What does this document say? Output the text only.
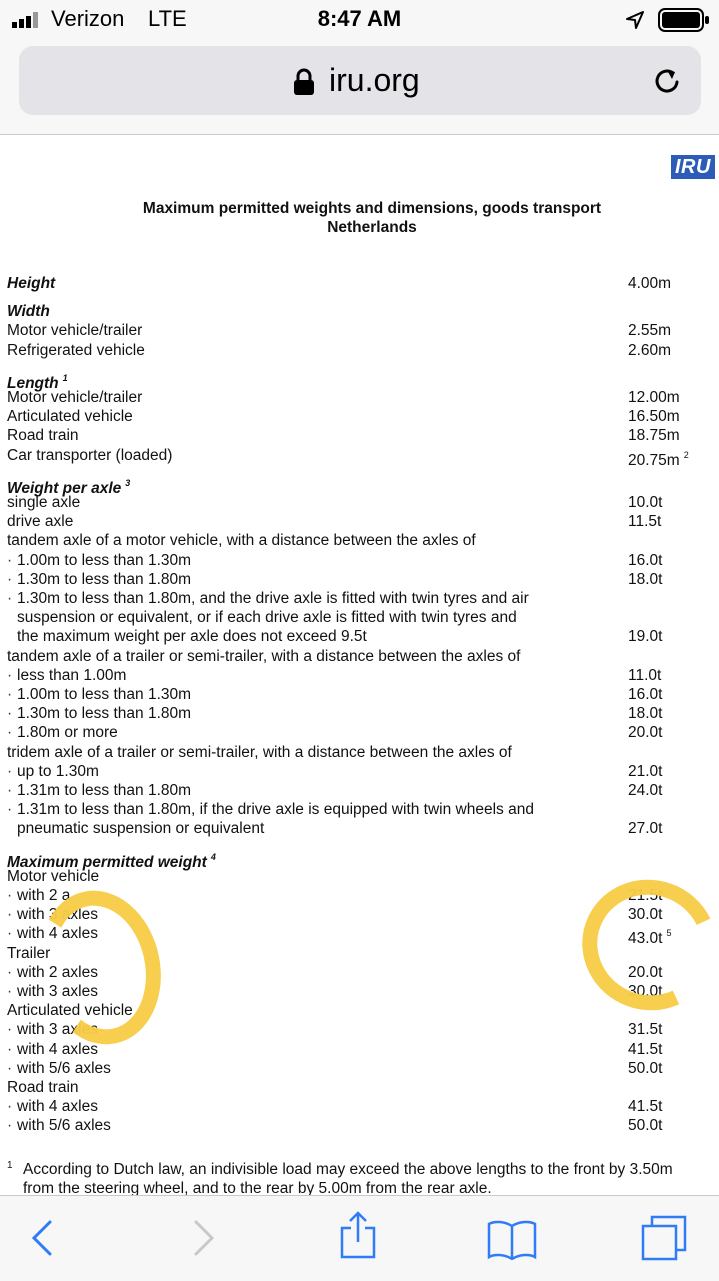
Verizon LTE	8:47 AM
iru.org
IRU
Maximum permitted weights and dimensions, goods transport
Netherlands
Height	4.00m
Width
Motor vehicle/trailer	2.55m
Refrigerated vehicle	2.60m
Length $^1$
Motor vehicle/trailer	12.00m
Articulated vehicle	16.50m
Road train	18.75m
Car transporter (loaded)	20.75m $^2$
Weight per axle $^3$
single axle	10.0t
drive axle	11.5t
tandem axle of a motor vehicle, with a distance between the axles of
· 1.00m to less than 1.30m	16.0t
· 1.30m to less than 1.80m	18.0t
· 1.30m to less than 1.80m, and the drive axle is fitted with twin tyres and air
suspension or equivalent, or if each drive axle is fitted with twin tyres and
the maximum weight per axle does not exceed 9.5t	19.0t
tandem axle of a trailer or semi-trailer, with a distance between the axles of
· less than 1.00m	11.0t
· 1.00m to less than 1.30m	16.0t
· 1.30m to less than 1.80m	18.0t
· 1.80m or more	20.0t
tridem axle of a trailer or semi-trailer, with a distance between the axles of
· up to 1.30m	21.0t
· 1.31m to less than 1.80m	24.0t
· 1.31m to less than 1.80m, if the drive axle is equipped with twin wheels and
pneumatic suspension or equivalent	27.0t
Maximum permitted weight $^4$
Motor vehicle
· with 2 a	21.5t
· with 3 axles	30.0t
· with 4 axles	43.0t $^5$
Trailer
· with 2 axles	20.0t
· with 3 axles	30.0t
Articulated vehicle
· with 3 axles	31.5t
· with 4 axles	41.5t
· with 5/6 axles	50.0t
Road train
· with 4 axles	41.5t
· with 5/6 axles	50.0t
1 According to Dutch law, an indivisible load may exceed the above lengths to the front by 3.50m
from the steering wheel, and to the rear by 5.00m from the rear axle.
